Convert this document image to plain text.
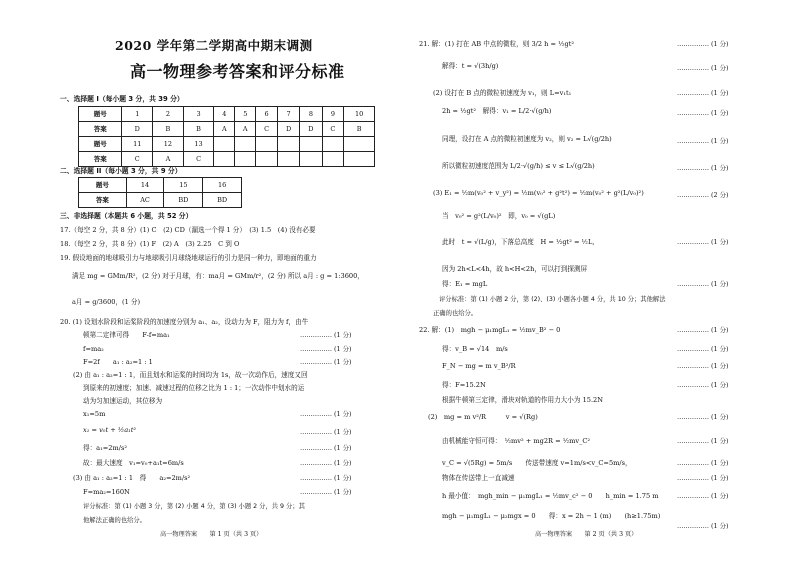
2020 学年第二学期高中期末调测
高一物理参考答案和评分标准
一、选择题 I（每小题 3 分，共 39 分）
题号	1	2	3	4	5	6	7	8	9	10
答案	D	B	B	A	A	C	D	D	C	B
题号	11	12	13							
答案	C	A	C							
二、选择题 II（每小题 3 分，共 9 分）
题号	14	15	16
答案	AC	BD	BD
三、非选择题（本题共 6 小题，共 52 分）
17.（每空 2 分，共 8 分）(1) C　(2) CD（漏选一个得 1 分）　(3) 1.5　(4) 没有必要
18.（每空 2 分，共 8 分）(1) F　(2) A　(3) 2.25　C 到 O
19. 假设地面的地球吸引力与地球吸引月球绕地球运行的引力是同一种力，即地面的重力
满足 mg = GMm/R²，(2 分) 对于月球，有：ma月 = GMm/r²，(2 分) 所以 a月 : g = 1:3600，
a月 = g/3600，(1 分)
20. (1) 设划水阶段和运桨阶段的加速度分别为 a₁、a₂，设动力为 F，阻力为 f，由牛
顿第二定律可得　　F-f=ma₁
f=ma₂
F=2f　　a₁ : a₂=1 : 1
(2) 由 a₁ : a₂=1 : 1，而且划水和运桨的时间均为 1s，故一次动作后，速度又回
到原来的初速度；加速、减速过程的位移之比为 1 : 1；一次动作中划水的运
动为匀加速运动，其位移为
x₁=5m
x₁ = v₀t + ½a₁t²
得：a₁=2m/s²
故：最大速度　v₁=v₀+a₁t=6m/s
(3) 由 a₁ : a₂=1 : 1　得　　a₂=2m/s²
F=ma₂=160N
评分标准：第 (1) 小题 3 分，第 (2) 小题 4 分，第 (3) 小题 2 分，共 9 分；其
他解法正确的也给分。
…………… (1 分)
…………… (1 分)
…………… (1 分)
…………… (1 分)
…………… (1 分)
…………… (1 分)
…………… (1 分)
…………… (1 分)
…………… (1 分)
高一物理答案　　第 1 页（共 3 页）
21. 解：(1) 打在 AB 中点的微粒，则 3/2 h = ½gt²
解得：t = √(3h/g)
(2) 设打在 B 点的微粒初速度为 v₁，则 L=v₁t₁
2h = ½gt²　解得：v₁ = L/2·√(g/h)
同理，设打在 A 点的微粒初速度为 v₂，则 v₂ = L√(g/2h)
所以微粒初速度范围为 L/2·√(g/h) ≤ v ≤ L√(g/2h)
(3) E₁ = ½m(v₀² + v_y²) = ½m(v₀² + g²t²) = ½m(v₀² + g²(L/v₀)²)
当　v₀² = g²(L/v₀)²　即，v₀ = √(gL)
此时　t = √(L/g)，下落总高度　H = ½gt² = ½L,
因为 2h<L<4h，故 h<H<2h，可以打到探测屏
得：E₁ = mgL
评分标准：第 (1) 小题 2 分，第 (2)、(3) 小题各小题 4 分，共 10 分；其他解法
正确的也给分。
22. 解：(1)　mgh − μ₁mgL₁ = ½mv_B² − 0
得：v_B = √14　m/s
F_N − mg = m v_B²/R
得：F=15.2N
根据牛顿第三定律，滑块对轨道的作用力大小为 15.2N
(2)　mg = m v²/R　　　v = √(Rg)
由机械能守恒可得：　½mv² + mg2R = ½mv_C²
v_C = √(5Rg) = 5m/s　　传送带速度 v=1m/s<v_C=5m/s，
物体在传送带上一直减速
h 最小值：　mgh_min − μ₁mgL₁ = ½mv_c² − 0　　h_min = 1.75 m
mgh − μ₁mgL₁ − μ₂mgx = 0　　得：x = 2h − 1 (m)　　(h≥1.75m)
…………… (1 分)
…………… (1 分)
…………… (1 分)
…………… (1 分)
…………… (1 分)
…………… (1 分)
…………… (2 分)
…………… (1 分)
…………… (1 分)
…………… (1 分)
…………… (1 分)
…………… (1 分)
…………… (1 分)
…………… (1 分)
…………… (1 分)
…………… (1 分)
…………… (1 分)
…………… (1 分)
…………… (1 分)
高一物理答案　　第 2 页（共 3 页）
